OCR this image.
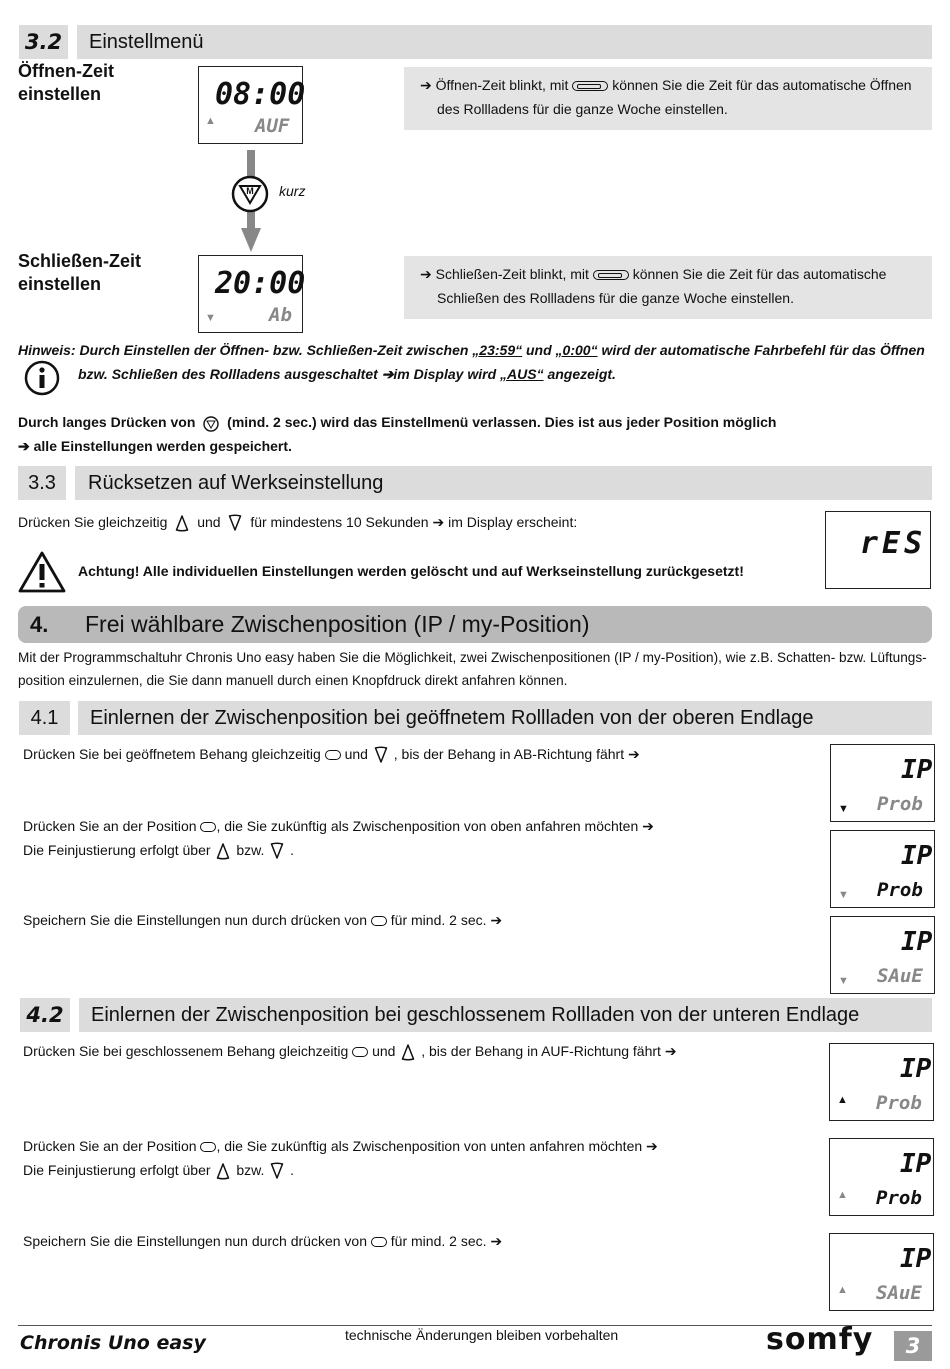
3.2 Einstellmenü
Öffnen-Zeit
einstellen	08:00
AUF
▲
➔ Öffnen-Zeit blinkt, mit	können Sie die Zeit für das automatische Öffnen
des Rollladens für die ganze Woche einstellen.
M kurz
Schließen-Zeit
einstellen	20:00
Ab
▼
➔ Schließen-Zeit blinkt, mit	können Sie die Zeit für das automatische
Schließen des Rollladens für die ganze Woche einstellen.
Hinweis: Durch Einstellen der Öffnen- bzw. Schließen-Zeit zwischen „23:59“ und „0:00“ wird der automatische Fahrbefehl für das Öffnen
bzw. Schließen des Rollladens ausgeschaltet ➔im Display wird „AUS“ angezeigt.
Durch langes Drücken von (mind. 2 sec.) wird das Einstellmenü verlassen. Dies ist aus jeder Position möglich
➔ alle Einstellungen werden gespeichert.
3.3	Rücksetzen auf Werkseinstellung
Drücken Sie gleichzeitig und für mindestens 10 Sekunden ➔ im Display erscheint:
rES
Achtung! Alle individuellen Einstellungen werden gelöscht und auf Werkseinstellung zurückgesetzt!
4. Frei wählbare Zwischenposition (IP / my-Position)
Mit der Programmschaltuhr Chronis Uno easy haben Sie die Möglichkeit, zwei Zwischenpositionen (IP / my-Position), wie z.B. Schatten- bzw. Lüftungs-
position einzulernen, die Sie dann manuell durch einen Knopfdruck direkt anfahren können.
4.1	Einlernen der Zwischenposition bei geöffnetem Rollladen von der oberen Endlage
Drücken Sie bei geöffnetem Behang gleichzeitig und , bis der Behang in AB-Richtung fährt ➔
Drücken Sie an der Position , die Sie zukünftig als Zwischenposition von oben anfahren möchten ➔
Die Feinjustierung erfolgt über bzw. .
Speichern Sie die Einstellungen nun durch drücken von für mind. 2 sec. ➔
IP
Prob
▼
IP
Prob
▼
IP
SAuE
▼
4.2	Einlernen der Zwischenposition bei geschlossenem Rollladen von der unteren Endlage
Drücken Sie bei geschlossenem Behang gleichzeitig und , bis der Behang in AUF-Richtung fährt ➔
Drücken Sie an der Position , die Sie zukünftig als Zwischenposition von unten anfahren möchten ➔
Die Feinjustierung erfolgt über bzw. .
Speichern Sie die Einstellungen nun durch drücken von für mind. 2 sec. ➔
IP
Prob
▲
IP
Prob
▲
IP
SAuE
▲
Chronis Uno easy	technische Änderungen bleiben vorbehalten	somfy	3
